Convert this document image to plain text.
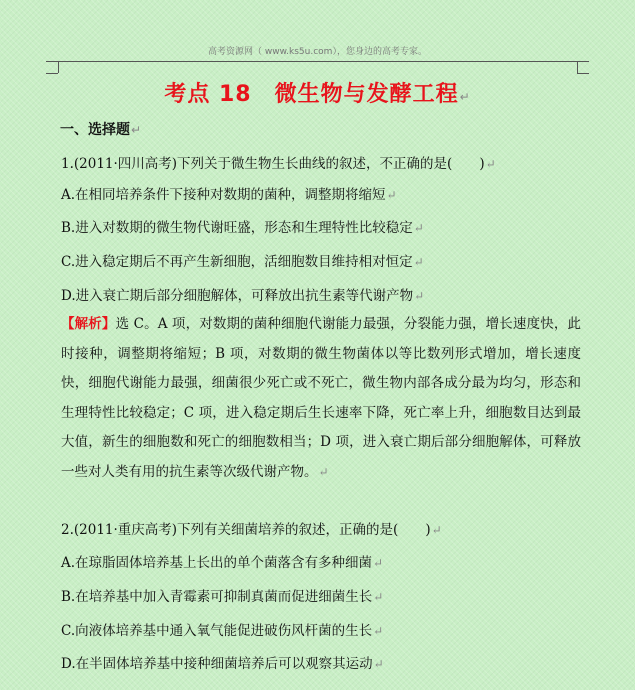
高考资源网（ www.ks5u.com），您身边的高考专家。
考点 18　微生物与发酵工程↵
一、选择题↵
1.(2011·四川高考)下列关于微生物生长曲线的叙述，不正确的是(　　)↵
A.在相同培养条件下接种对数期的菌种，调整期将缩短↵
B.进入对数期的微生物代谢旺盛，形态和生理特性比较稳定↵
C.进入稳定期后不再产生新细胞，活细胞数目维持相对恒定↵
D.进入衰亡期后部分细胞解体，可释放出抗生素等代谢产物↵
【解析】选 C。A 项，对数期的菌种细胞代谢能力最强，分裂能力强，增长速度快，此时接种，调整期将缩短；B 项，对数期的微生物菌体以等比数列形式增加，增长速度快，细胞代谢能力最强，细菌很少死亡或不死亡，微生物内部各成分最为均匀，形态和生理特性比较稳定；C 项，进入稳定期后生长速率下降，死亡率上升，细胞数目达到最大值，新生的细胞数和死亡的细胞数相当；D 项，进入衰亡期后部分细胞解体，可释放一些对人类有用的抗生素等次级代谢产物。↵
2.(2011·重庆高考)下列有关细菌培养的叙述，正确的是(　　)↵
A.在琼脂固体培养基上长出的单个菌落含有多种细菌↵
B.在培养基中加入青霉素可抑制真菌而促进细菌生长↵
C.向液体培养基中通入氧气能促进破伤风杆菌的生长↵
D.在半固体培养基中接种细菌培养后可以观察其运动↵
